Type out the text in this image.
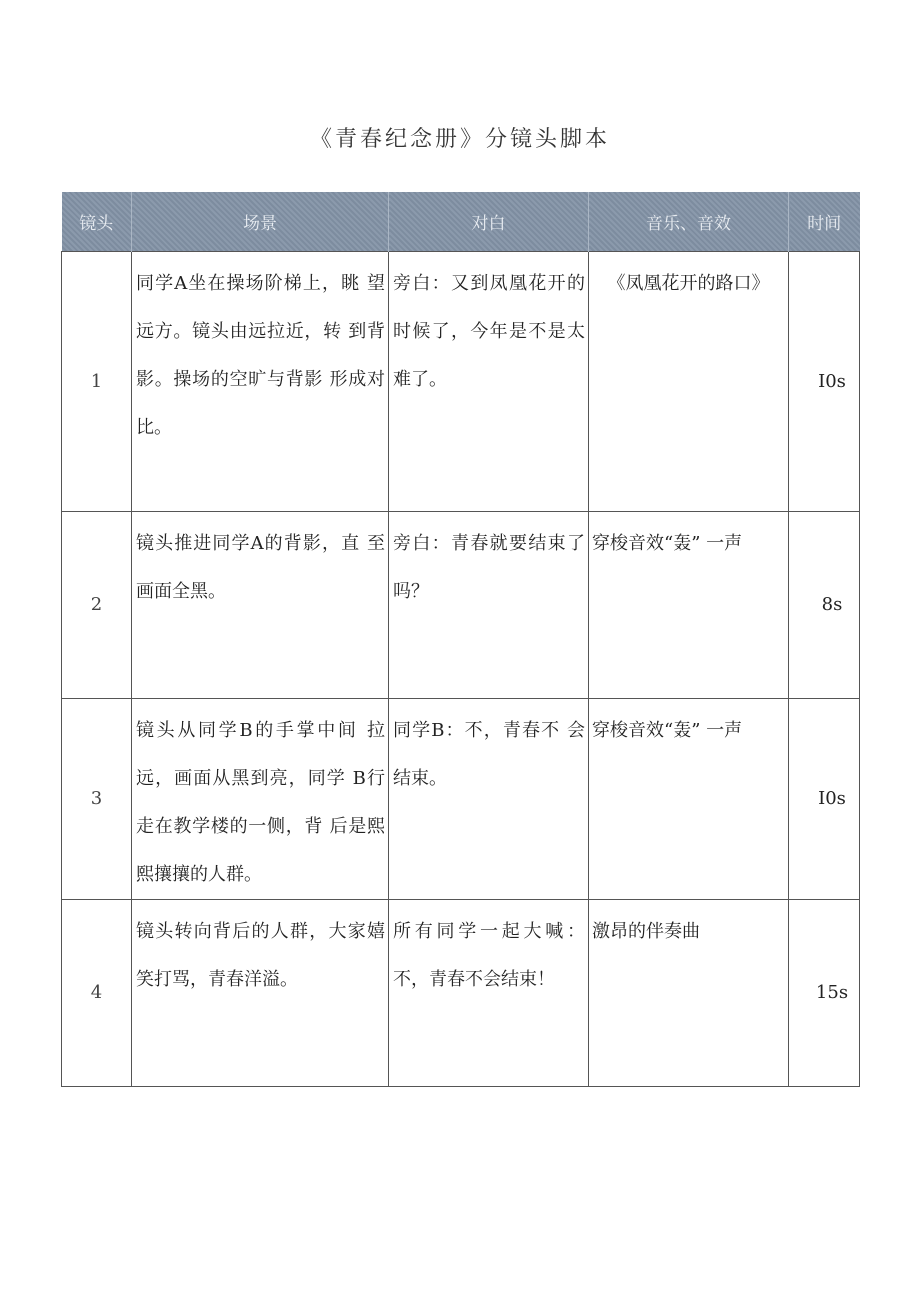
《青春纪念册》分镜头脚本
镜头	场景	对白	音乐、音效	时间
1	同学A坐在操场阶梯上，眺 望远方。镜头由远拉近，转 到背影。操场的空旷与背影 形成对比。	旁白：又到凤凰花开的时候了，今年是不是太难了。	《凤凰花开的路口》	I0s
2	镜头推进同学A的背影，直 至画面全黑。	旁白：青春就要结束了吗？	穿梭音效“轰” 一声	8s
3	镜头从同学B的手掌中间 拉远，画面从黑到亮，同学 B行走在教学楼的一侧，背 后是熙熙攘攘的人群。	同学B：不，青春不 会结束。	穿梭音效“轰” 一声	I0s
4	镜头转向背后的人群，大家嬉笑打骂，青春洋溢。	所有同学一起大喊：不，青春不会结束！	激昂的伴奏曲	15s
